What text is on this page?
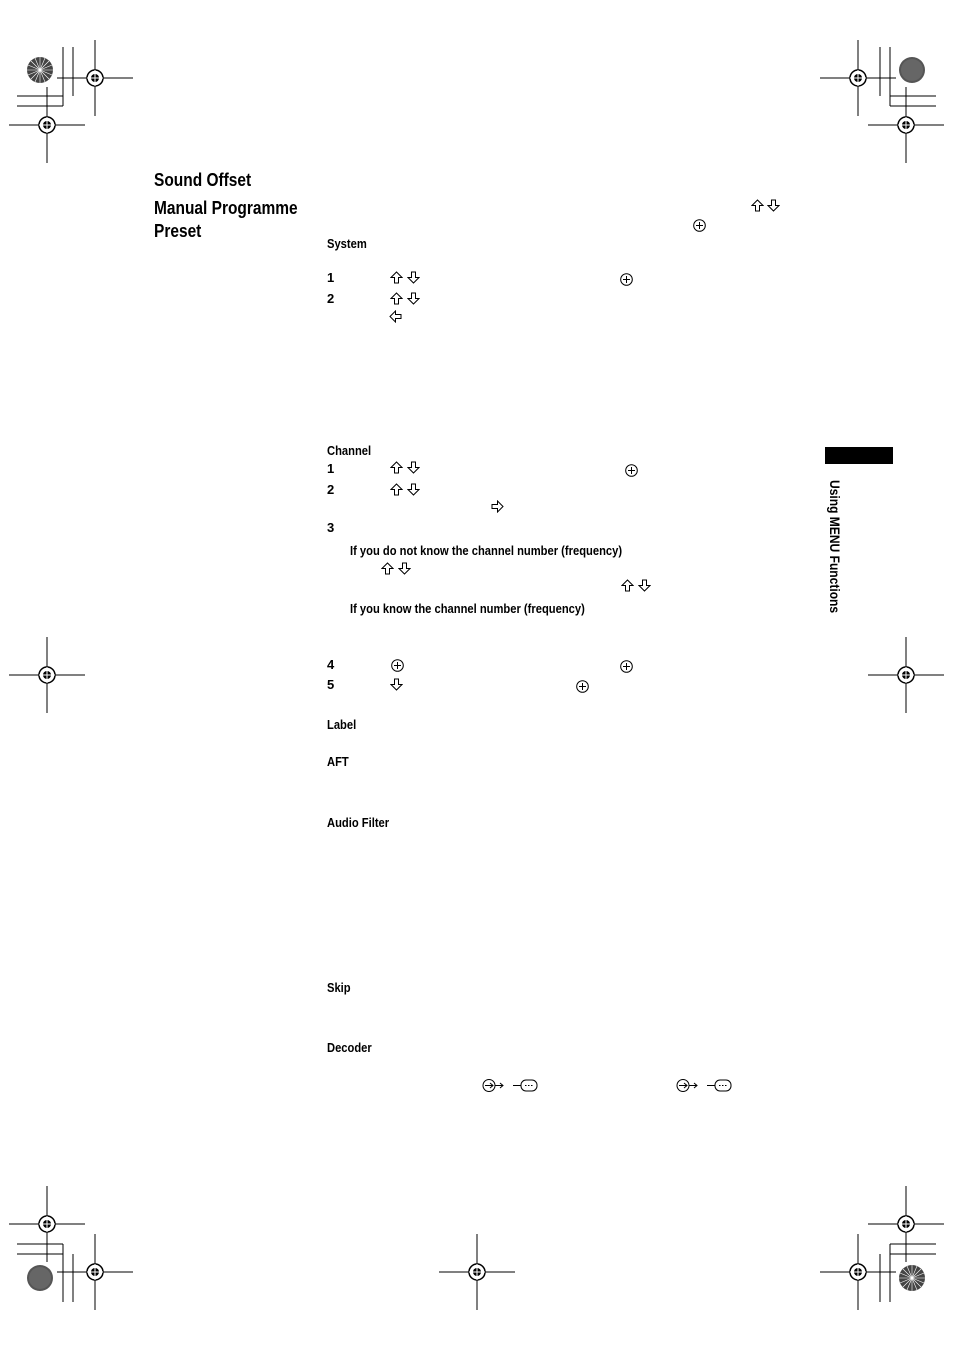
Sound Offset
Manual Programme
Preset
System
Channel
Label
AFT
Audio Filter
Skip
Decoder
1
2
1
2
3
4
5
If you do not know the channel number (frequency)
If you know the channel number (frequency)	Using MENU Functions
